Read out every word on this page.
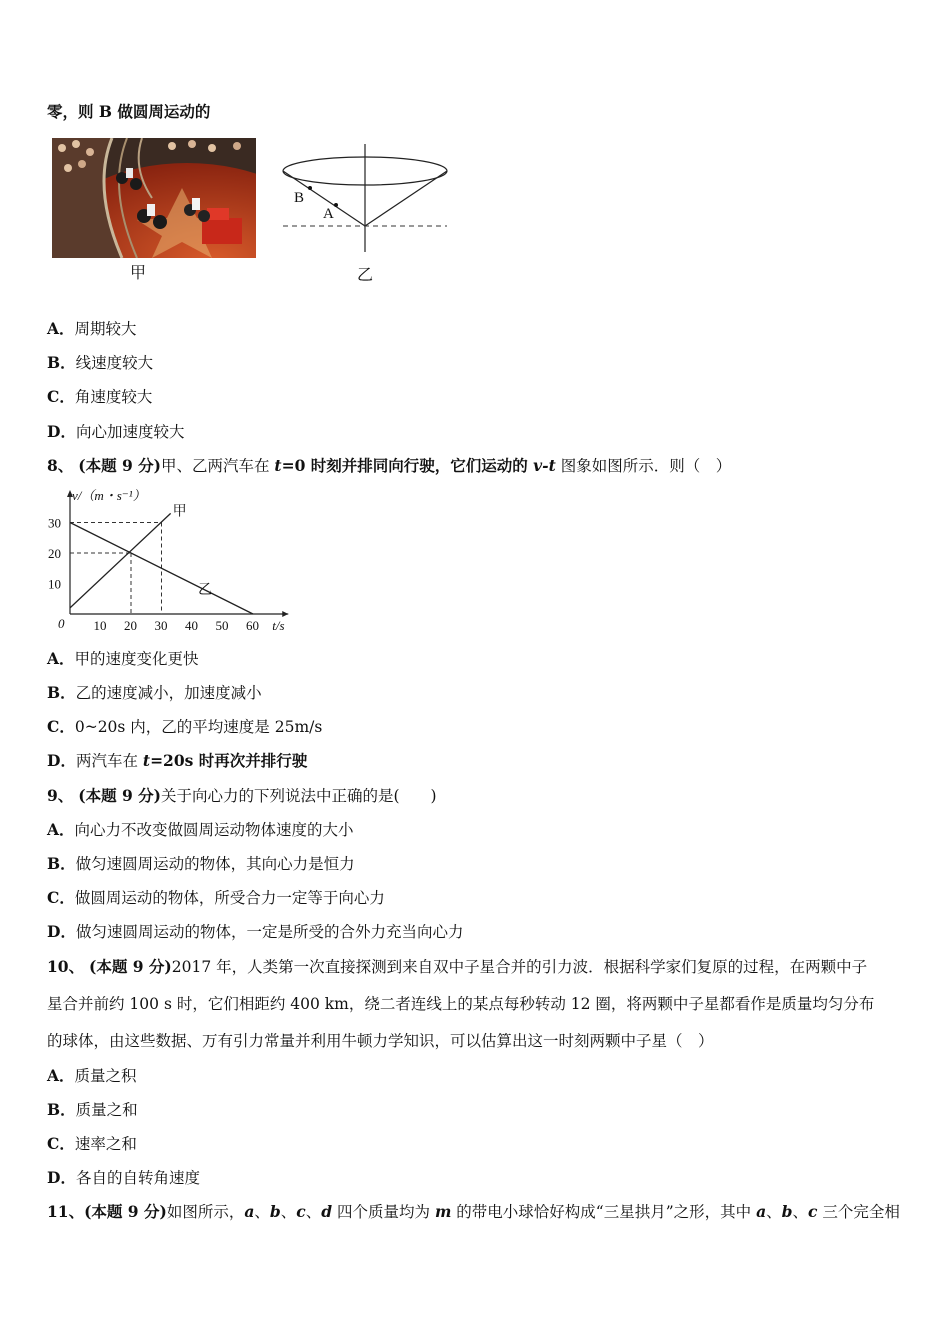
零，则 B 做圆周运动的
甲
B
A
乙
A．周期较大
B．线速度较大
C．角速度较大
D．向心加速度较大
8、 (本题 9 分)甲、乙两汽车在 t=0 时刻并排同向行驶，它们运动的 v-t 图象如图所示．则（　）
v/（m・s⁻¹）
t/s
0 10 20 30 40 50 60
10
20
30
甲
乙
A．甲的速度变化更快
B．乙的速度减小，加速度减小
C．0~20s 内，乙的平均速度是 25m/s
D．两汽车在 t=20s 时再次并排行驶
9、 (本题 9 分)关于向心力的下列说法中正确的是(　　)
A．向心力不改变做圆周运动物体速度的大小
B．做匀速圆周运动的物体，其向心力是恒力
C．做圆周运动的物体，所受合力一定等于向心力
D．做匀速圆周运动的物体，一定是所受的合外力充当向心力
10、 (本题 9 分)2017 年，人类第一次直接探测到来自双中子星合并的引力波．根据科学家们复原的过程，在两颗中子
星合并前约 100 s 时，它们相距约 400 km，绕二者连线上的某点每秒转动 12 圈，将两颗中子星都看作是质量均匀分布
的球体，由这些数据、万有引力常量并利用牛顿力学知识，可以估算出这一时刻两颗中子星（　）
A．质量之积
B．质量之和
C．速率之和
D．各自的自转角速度
11、(本题 9 分)如图所示，a、b、c、d 四个质量均为 m 的带电小球恰好构成“三星拱月”之形，其中 a、b、c 三个完全相
